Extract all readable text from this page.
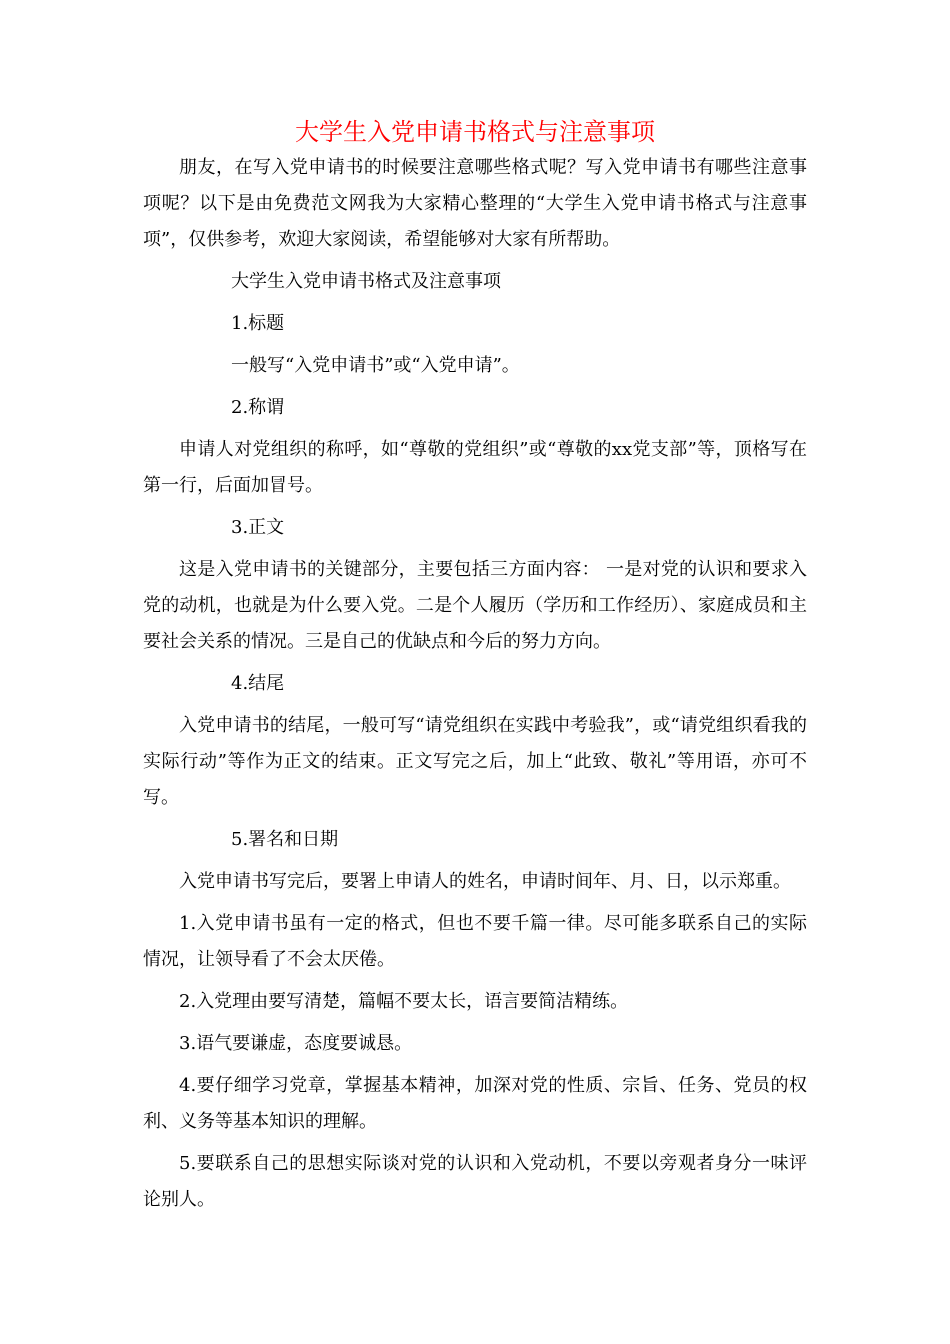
大学生入党申请书格式与注意事项

朋友，在写入党申请书的时候要注意哪些格式呢？写入党申请书有哪些注意事项呢？以下是由免费范文网我为大家精心整理的“大学生入党申请书格式与注意事项”，仅供参考，欢迎大家阅读，希望能够对大家有所帮助。

大学生入党申请书格式及注意事项

1.标题

一般写“入党申请书”或“入党申请”。

2.称谓

申请人对党组织的称呼，如“尊敬的党组织”或“尊敬的xx党支部”等，顶格写在第一行，后面加冒号。

3.正文

这是入党申请书的关键部分，主要包括三方面内容： 一是对党的认识和要求入党的动机，也就是为什么要入党。二是个人履历（学历和工作经历）、家庭成员和主要社会关系的情况。三是自己的优缺点和今后的努力方向。

4.结尾

入党申请书的结尾，一般可写“请党组织在实践中考验我”，或“请党组织看我的实际行动”等作为正文的结束。正文写完之后，加上“此致、敬礼”等用语，亦可不写。

5.署名和日期

入党申请书写完后，要署上申请人的姓名，申请时间年、月、日，以示郑重。

1.入党申请书虽有一定的格式，但也不要千篇一律。尽可能多联系自己的实际情况，让领导看了不会太厌倦。

2.入党理由要写清楚，篇幅不要太长，语言要简洁精练。

3.语气要谦虚，态度要诚恳。

4.要仔细学习党章，掌握基本精神，加深对党的性质、宗旨、任务、党员的权利、义务等基本知识的理解。

5.要联系自己的思想实际谈对党的认识和入党动机，不要以旁观者身分一味评论别人。
